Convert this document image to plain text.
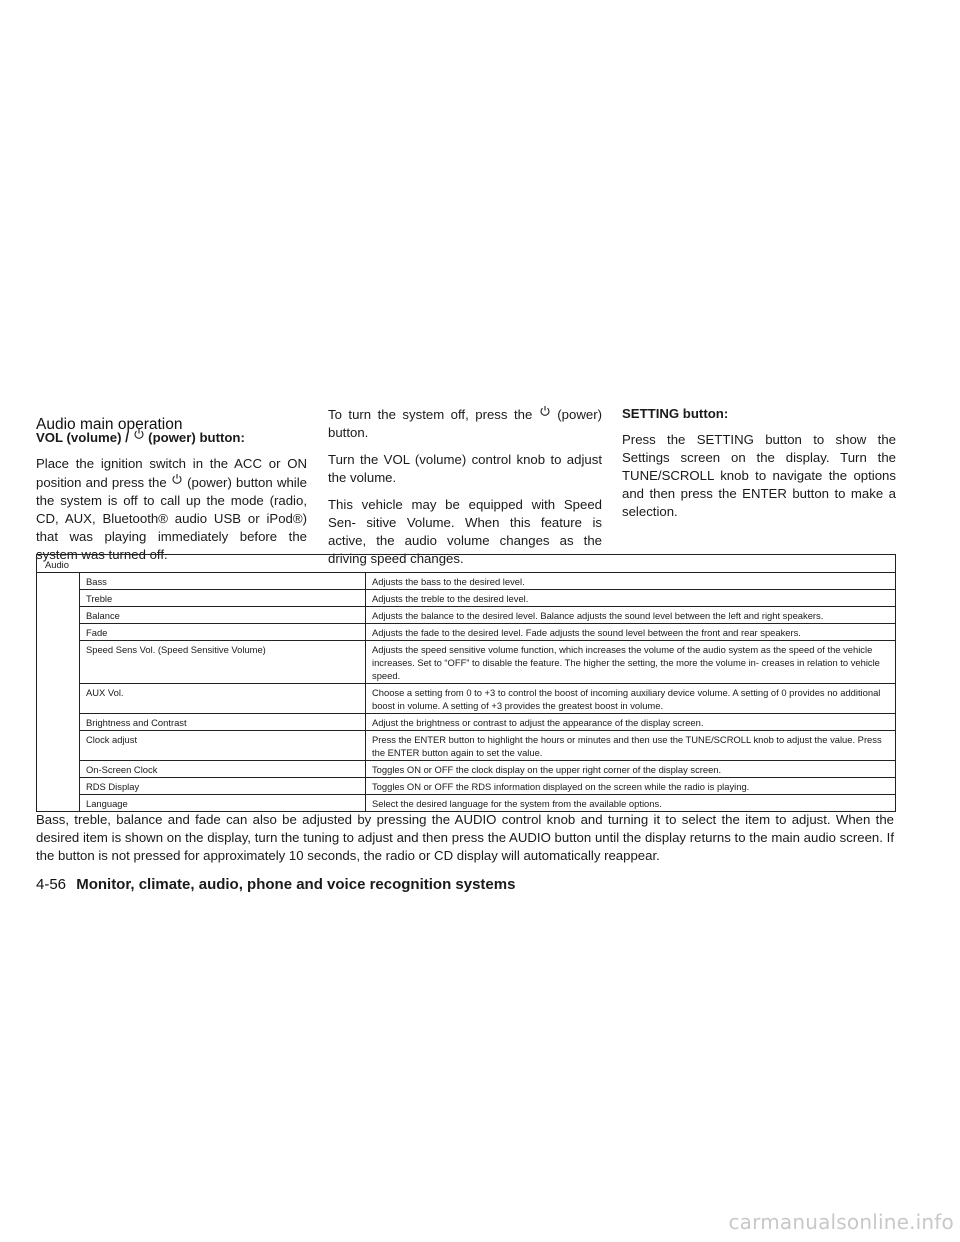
Audio main operation

VOL (volume) / (power) button:

Place the ignition switch in the ACC or ON position and press the (power) button while the system is off to call up the mode (radio, CD, AUX, Bluetooth® audio USB or iPod®) that was playing immediately before the system was turned off.

To turn the system off, press the (power) button.

Turn the VOL (volume) control knob to adjust the volume.

This vehicle may be equipped with Speed Sen- sitive Volume. When this feature is active, the audio volume changes as the driving speed changes.

SETTING button:

Press the SETTING button to show the Settings screen on the display. Turn the TUNE/SCROLL knob to navigate the options and then press the ENTER button to make a selection.

Audio
Bass	Adjusts the bass to the desired level.
Treble	Adjusts the treble to the desired level.
Balance	Adjusts the balance to the desired level. Balance adjusts the sound level between the left and right speakers.
Fade	Adjusts the fade to the desired level. Fade adjusts the sound level between the front and rear speakers.
Speed Sens Vol. (Speed Sensitive Volume)	Adjusts the speed sensitive volume function, which increases the volume of the audio system as the speed of the vehicle increases. Set to “OFF” to disable the feature. The higher the setting, the more the volume in- creases in relation to vehicle speed.
AUX Vol.	Choose a setting from 0 to +3 to control the boost of incoming auxiliary device volume. A setting of 0 provides no additional boost in volume. A setting of +3 provides the greatest boost in volume.
Brightness and Contrast	Adjust the brightness or contrast to adjust the appearance of the display screen.
Clock adjust	Press the ENTER button to highlight the hours or minutes and then use the TUNE/SCROLL knob to adjust the value. Press the ENTER button again to set the value.
On-Screen Clock	Toggles ON or OFF the clock display on the upper right corner of the display screen.
RDS Display	Toggles ON or OFF the RDS information displayed on the screen while the radio is playing.
Language	Select the desired language for the system from the available options.

Bass, treble, balance and fade can also be adjusted by pressing the AUDIO control knob and turning it to select the item to adjust. When the desired item is shown on the display, turn the tuning to adjust and then press the AUDIO button until the display returns to the main audio screen. If the button is not pressed for approximately 10 seconds, the radio or CD display will automatically reappear.

4-56 Monitor, climate, audio, phone and voice recognition systems
carmanualsonline.info
